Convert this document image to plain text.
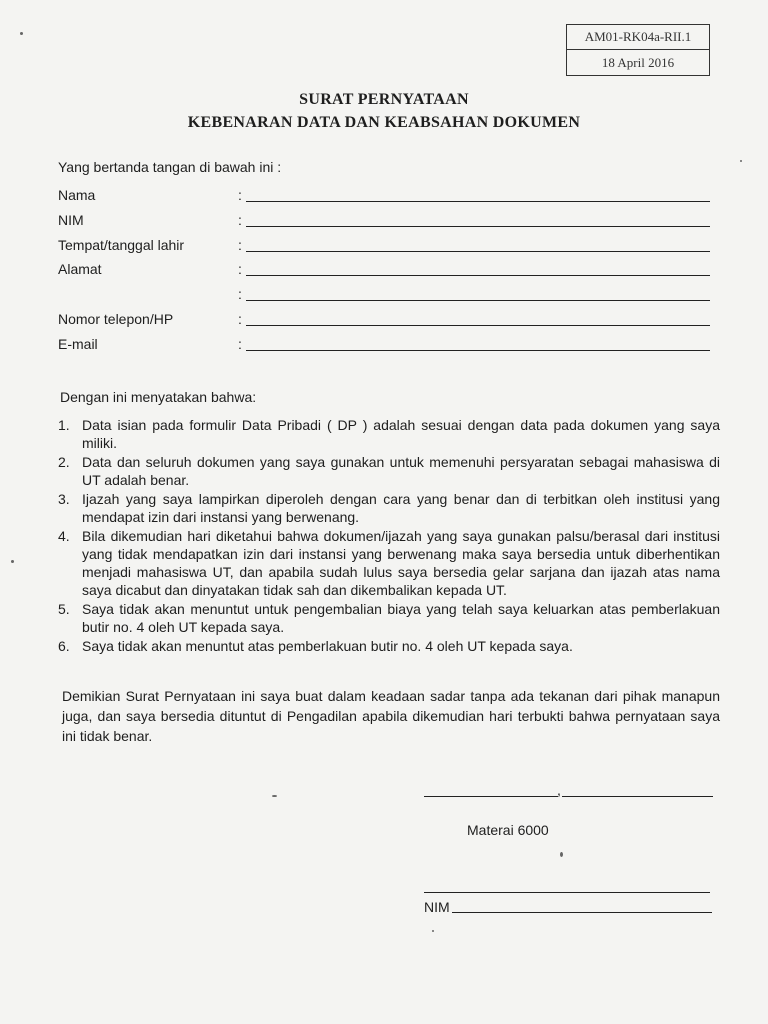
AM01-RK04a-RII.1
18 April 2016
SURAT PERNYATAAN
KEBENARAN DATA DAN KEABSAHAN DOKUMEN
Yang bertanda tangan di bawah ini :
Nama	:
NIM	:
Tempat/tanggal lahir	:
Alamat	:
:
Nomor telepon/HP	:
E-mail	:
Dengan ini menyatakan bahwa:
1. Data isian pada formulir Data Pribadi ( DP ) adalah sesuai dengan data pada dokumen yang saya miliki.
2. Data dan seluruh dokumen yang saya gunakan untuk memenuhi persyaratan sebagai mahasiswa di UT adalah benar.
3. Ijazah yang saya lampirkan diperoleh dengan cara yang benar dan di terbitkan oleh institusi yang mendapat izin dari instansi yang berwenang.
4. Bila dikemudian hari diketahui bahwa dokumen/ijazah yang saya gunakan palsu/berasal dari institusi yang tidak mendapatkan izin dari instansi yang berwenang maka saya bersedia untuk diberhentikan menjadi mahasiswa UT, dan apabila sudah lulus saya bersedia gelar sarjana dan ijazah atas nama saya dicabut dan dinyatakan tidak sah dan dikembalikan kepada UT.
5. Saya tidak akan menuntut untuk pengembalian biaya yang telah saya keluarkan atas pemberlakuan butir no. 4 oleh UT kepada saya.
6. Saya tidak akan menuntut atas pemberlakuan butir no. 4 oleh UT kepada saya.
Demikian Surat Pernyataan ini saya buat dalam keadaan sadar tanpa ada tekanan dari pihak manapun juga, dan saya bersedia dituntut di Pengadilan apabila dikemudian hari terbukti bahwa pernyataan saya ini tidak benar.
,
Materai 6000
NIM
